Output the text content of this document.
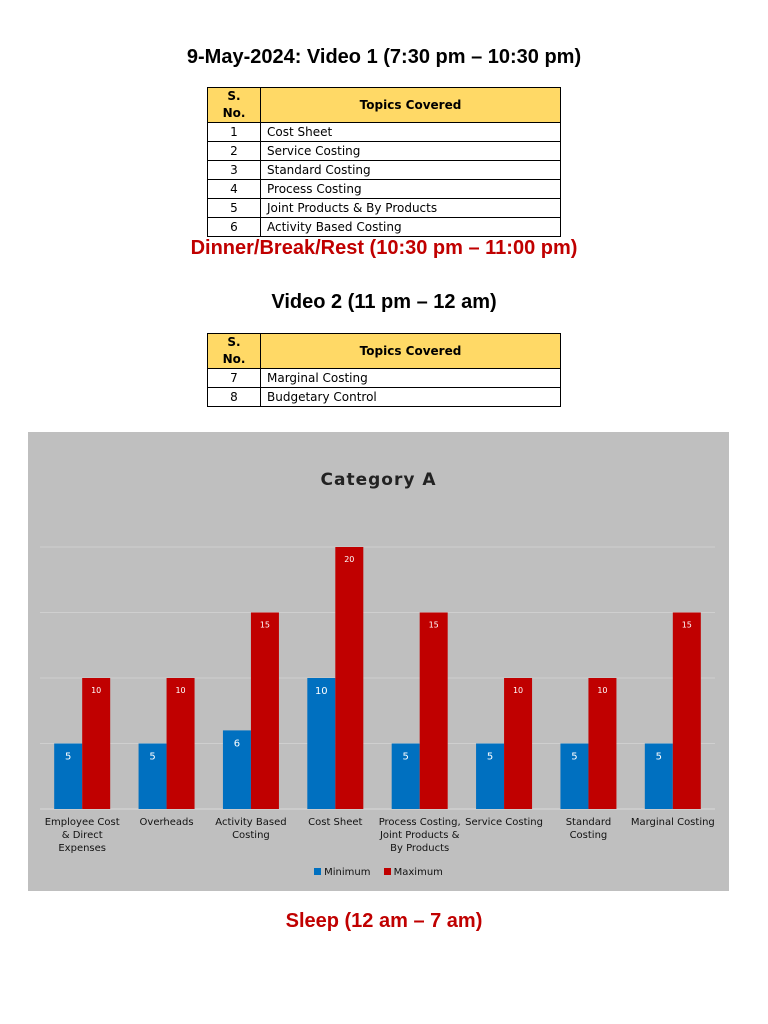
9-May-2024: Video 1 (7:30 pm – 10:30 pm)
S. No.	Topics Covered
1	Cost Sheet
2	Service Costing
3	Standard Costing
4	Process Costing
5	Joint Products & By Products
6	Activity Based Costing
Dinner/Break/Rest (10:30 pm – 11:00 pm)
Video 2 (11 pm – 12 am)
S. No.	Topics Covered
7	Marginal Costing
8	Budgetary Control
5
10
5
10
6
15
10
20
5
15
5
10
5
10
5
15
Category A
Employee Cost & Direct Expenses
Overheads	Activity Based Costing
Cost Sheet	Process Costing, Joint Products & By Products
Service Costing	Standard Costing
Marginal Costing
Minimum Maximum
Sleep (12 am – 7 am)
